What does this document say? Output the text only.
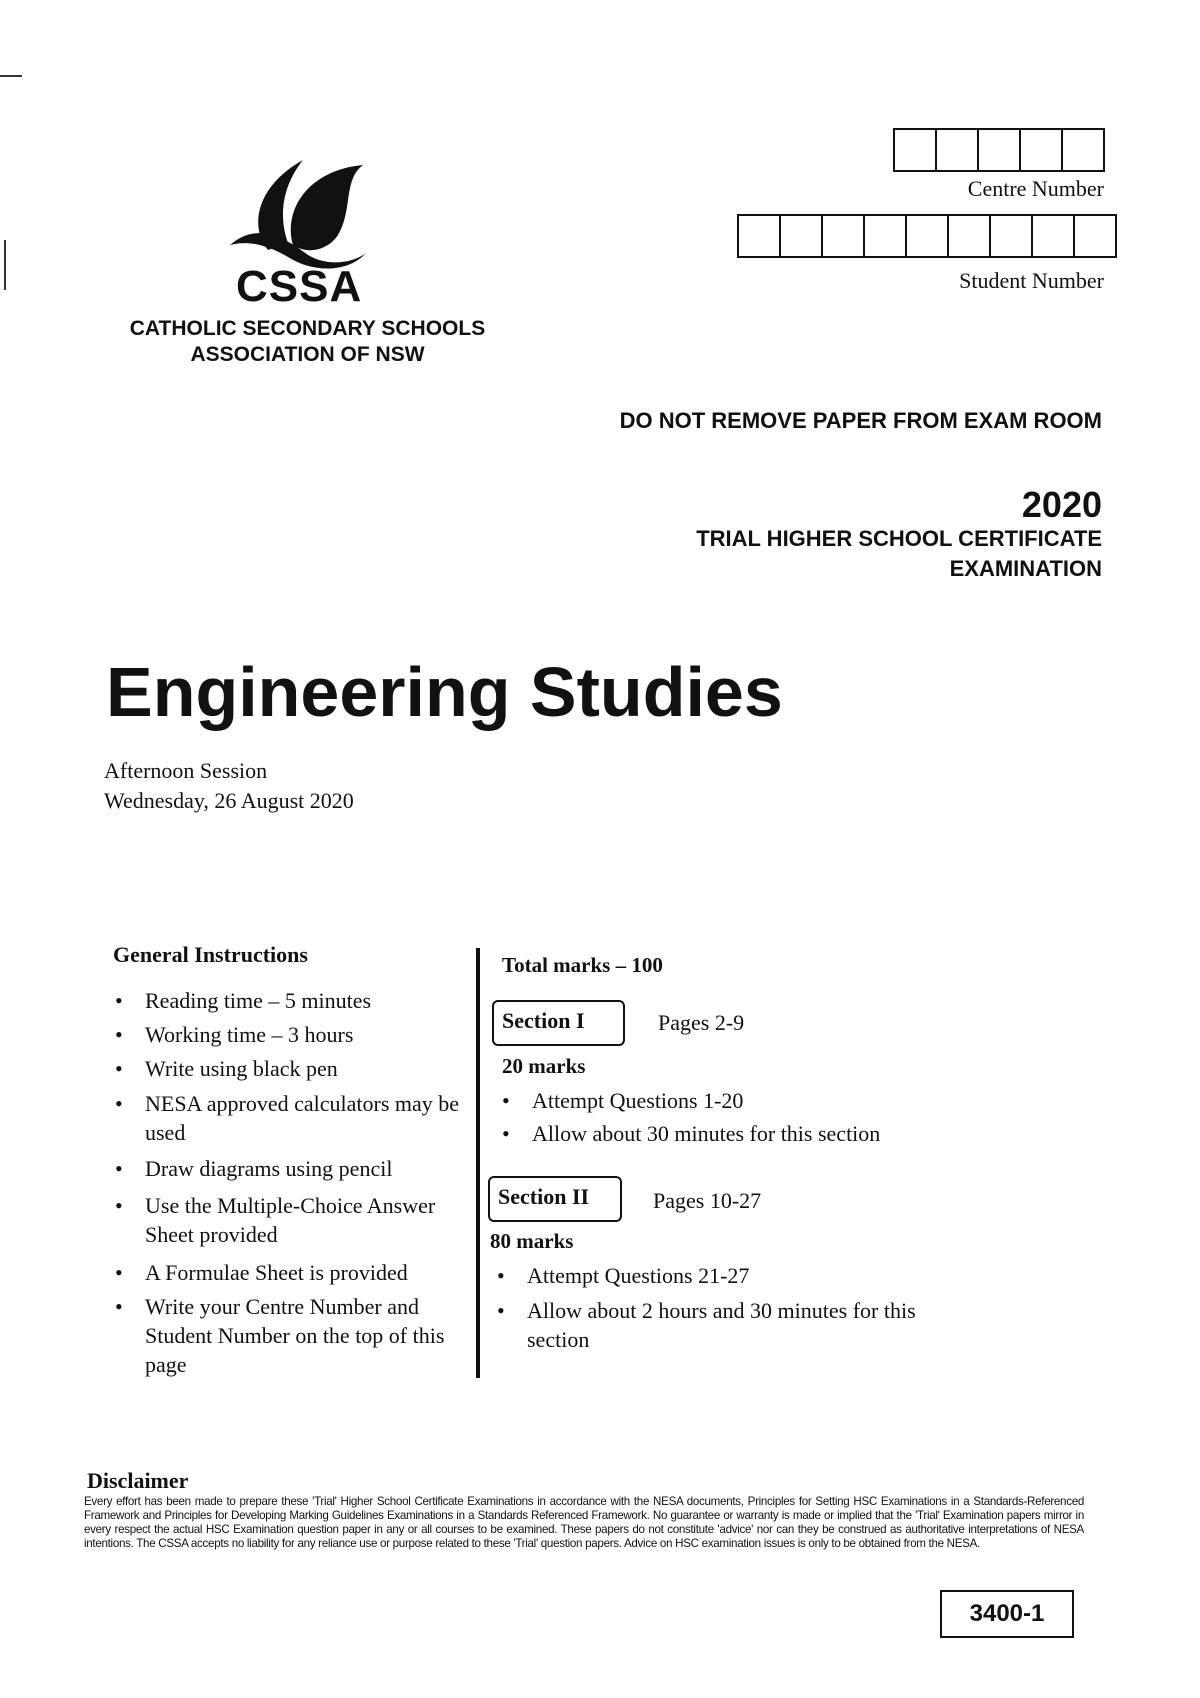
CSSA
CATHOLIC SECONDARY SCHOOLS
ASSOCIATION OF NSW
Centre Number
Student Number
DO NOT REMOVE PAPER FROM EXAM ROOM
2020
TRIAL HIGHER SCHOOL CERTIFICATE
EXAMINATION
Engineering Studies
Afternoon Session
Wednesday, 26 August 2020
General Instructions
• Reading time – 5 minutes
• Working time – 3 hours
• Write using black pen
• NESA approved calculators may be used
• Draw diagrams using pencil
• Use the Multiple-Choice Answer Sheet provided
• A Formulae Sheet is provided
• Write your Centre Number and Student Number on the top of this page
Total marks – 100
Section I	Pages 2-9
20 marks
• Attempt Questions 1-20
• Allow about 30 minutes for this section
Section II	Pages 10-27
80 marks
• Attempt Questions 21-27
• Allow about 2 hours and 30 minutes for this section
Disclaimer
Every effort has been made to prepare these 'Trial' Higher School Certificate Examinations in accordance with the NESA documents, Principles for Setting HSC Examinations in a Standards-Referenced Framework and Principles for Developing Marking Guidelines Examinations in a Standards Referenced Framework. No guarantee or warranty is made or implied that the 'Trial' Examination papers mirror in every respect the actual HSC Examination question paper in any or all courses to be examined. These papers do not constitute 'advice' nor can they be construed as authoritative interpretations of NESA intentions. The CSSA accepts no liability for any reliance use or purpose related to these 'Trial' question papers. Advice on HSC examination issues is only to be obtained from the NESA.
3400-1
